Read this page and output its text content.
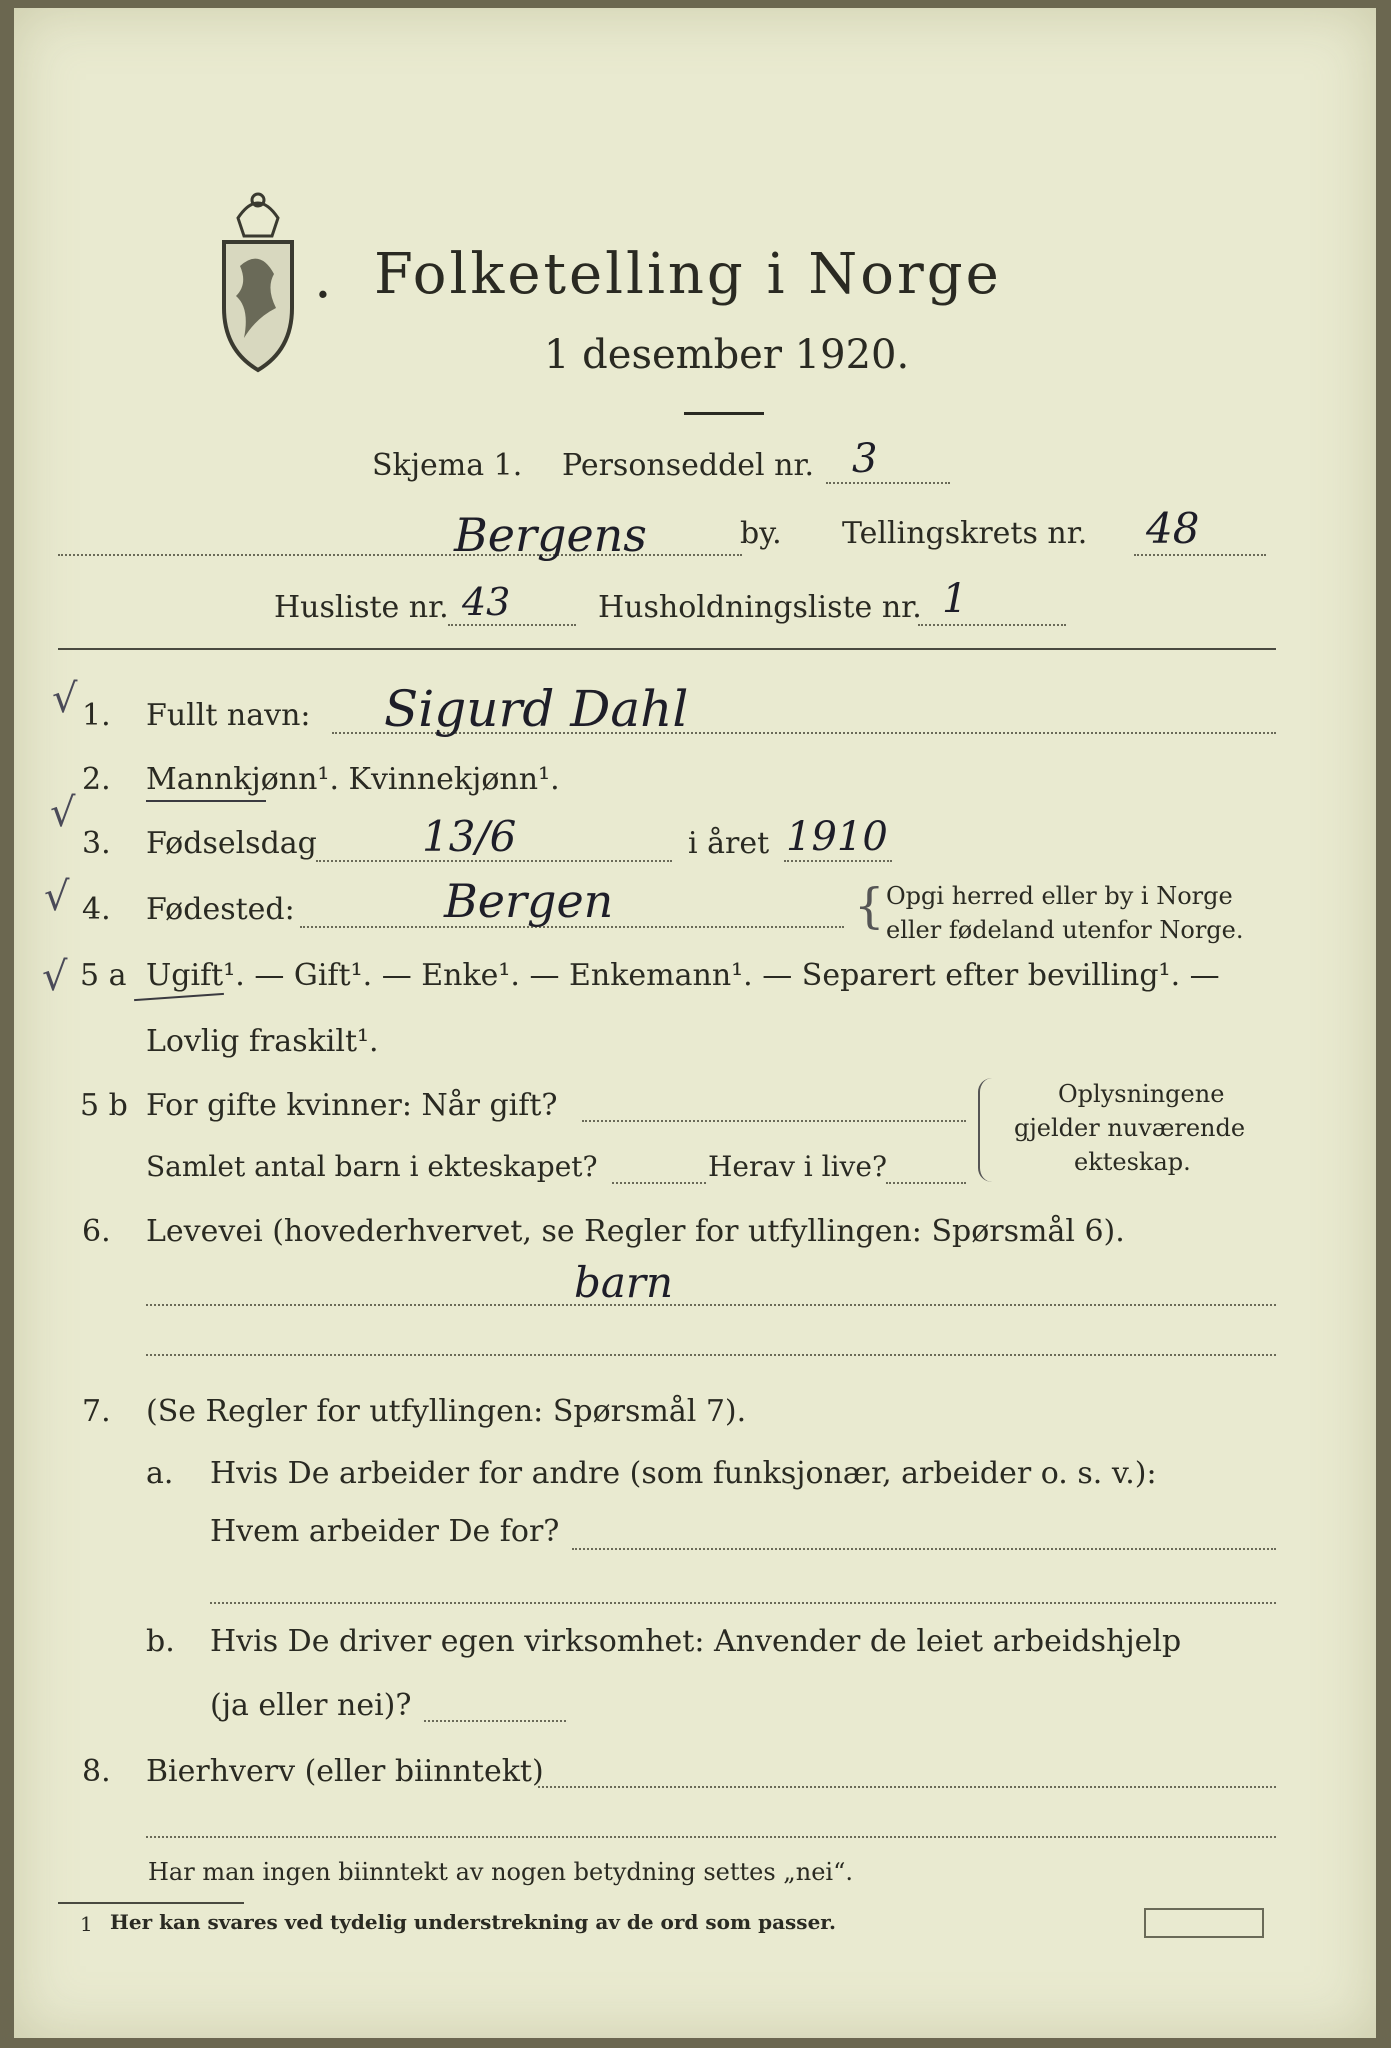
. Folketelling i Norge
1 desember 1920.
Skjema 1. Personseddel nr. 3
Bergens	by. Tellingskrets nr. 48
Husliste nr. 43	Husholdningsliste nr. 1
√
√
√
√
1. Fullt navn: Sigurd Dahl
2. Mannkjønn¹. Kvinnekjønn¹.
3. Fødselsdag	13/6	i året 1910
4. Fødested:	Bergen	{ Opgi herred eller by i Norge
eller fødeland utenfor Norge.
5 a Ugift¹. — Gift¹. — Enke¹. — Enkemann¹. — Separert efter bevilling¹. —
Lovlig fraskilt¹.
5 b For gifte kvinner: Når gift?
Samlet antal barn i ekteskapet?	Herav i live?
Oplysningene
gjelder nuværende
ekteskap.
6. Levevei (hovederhvervet, se Regler for utfyllingen: Spørsmål 6).
barn
7. (Se Regler for utfyllingen: Spørsmål 7).
a. Hvis De arbeider for andre (som funksjonær, arbeider o. s. v.):
Hvem arbeider De for?
b. Hvis De driver egen virksomhet: Anvender de leiet arbeidshjelp
(ja eller nei)?
8. Bierhverv (eller biinntekt)
Har man ingen biinntekt av nogen betydning settes „nei“.
1 Her kan svares ved tydelig understrekning av de ord som passer.
